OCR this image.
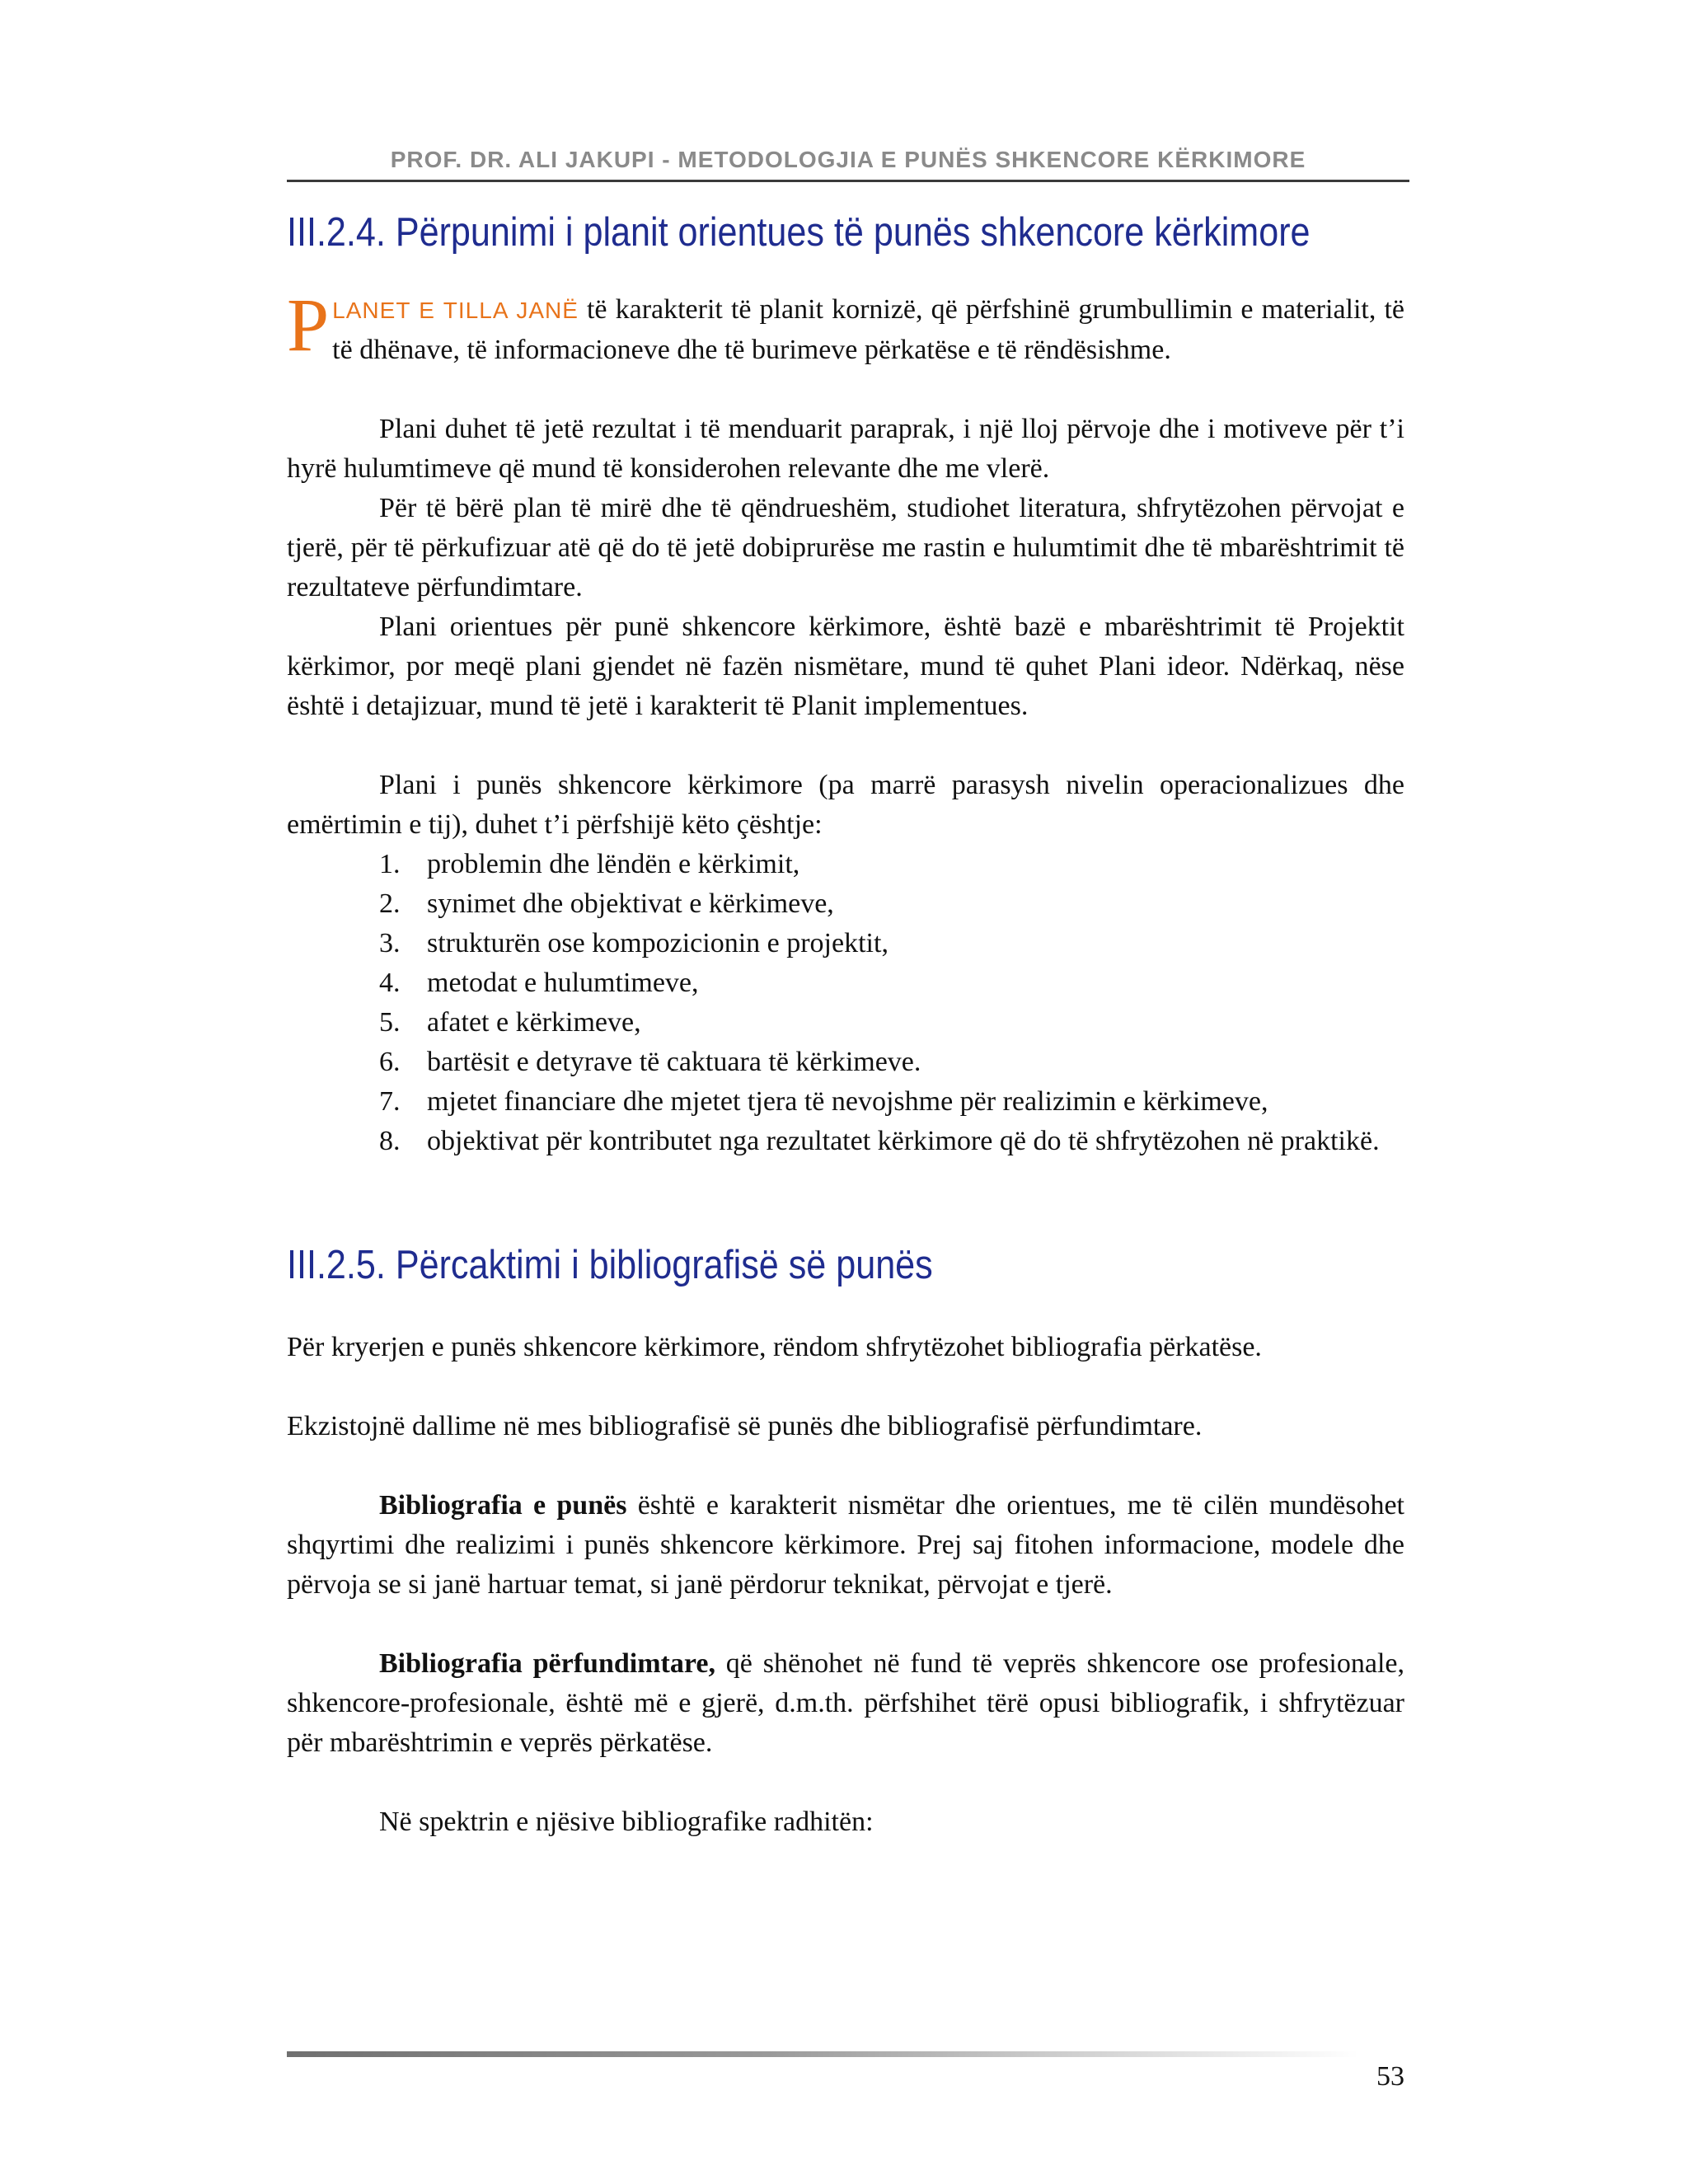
PROF. DR. ALI JAKUPI - METODOLOGJIA E PUNËS SHKENCORE KËRKIMORE
III.2.4. Përpunimi i planit orientues të punës shkencore kërkimore

PLANET E TILLA JANË të karakterit të planit kornizë, që përfshinë grumbullimin e materialit, të të dhënave, të informacioneve dhe të burimeve përkatëse e të rëndësishme.

Plani duhet të jetë rezultat i të menduarit paraprak, i një lloj përvoje dhe i motiveve për t’i hyrë hulumtimeve që mund të konsiderohen relevante dhe me vlerë.

Për të bërë plan të mirë dhe të qëndrueshëm, studiohet literatura, shfrytëzohen përvojat e tjerë, për të përkufizuar atë që do të jetë dobiprurëse me rastin e hulumtimit dhe të mbarështrimit të rezultateve përfundimtare.

Plani orientues për punë shkencore kërkimore, është bazë e mbarështrimit të Projektit kërkimor, por meqë plani gjendet në fazën nismëtare, mund të quhet Plani ideor. Ndërkaq, nëse është i detajizuar, mund të jetë i karakterit të Planit implementues.

Plani i punës shkencore kërkimore (pa marrë parasysh nivelin operacionalizues dhe emërtimin e tij), duhet t’i përfshijë këto çështje:

1. problemin dhe lëndën e kërkimit,
2. synimet dhe objektivat e kërkimeve,
3. strukturën ose kompozicionin e projektit,
4. metodat e hulumtimeve,
5. afatet e kërkimeve,
6. bartësit e detyrave të caktuara të kërkimeve.
7. mjetet financiare dhe mjetet tjera të nevojshme për realizimin e kërkimeve,
8. objektivat për kontributet nga rezultatet kërkimore që do të shfrytëzohen në praktikë.
III.2.5. Përcaktimi i bibliografisë së punës

Për kryerjen e punës shkencore kërkimore, rëndom shfrytëzohet bibliografia përkatëse.

Ekzistojnë dallime në mes bibliografisë së punës dhe bibliografisë përfundimtare.

Bibliografia e punës është e karakterit nismëtar dhe orientues, me të cilën mundësohet shqyrtimi dhe realizimi i punës shkencore kërkimore. Prej saj fitohen informacione, modele dhe përvoja se si janë hartuar temat, si janë përdorur teknikat, përvojat e tjerë.

Bibliografia përfundimtare, që shënohet në fund të veprës shkencore ose profesionale, shkencore-profesionale, është më e gjerë, d.m.th. përfshihet tërë opusi bibliografik, i shfrytëzuar për mbarështrimin e veprës përkatëse.

Në spektrin e njësive bibliografike radhitën:

53
